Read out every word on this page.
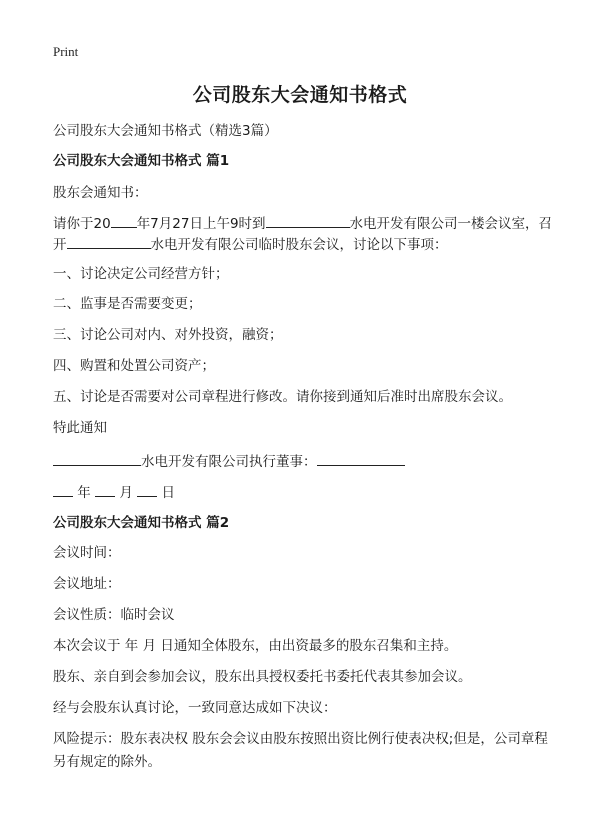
Print
公司股东大会通知书格式
公司股东大会通知书格式（精选3篇）
公司股东大会通知书格式 篇1
股东会通知书：
请你于20 年7月27日上午9时到	水电开发有限公司一楼会议室，召
开	水电开发有限公司临时股东会议，讨论以下事项：
一、讨论决定公司经营方针；
二、监事是否需要变更；
三、讨论公司对内、对外投资，融资；
四、购置和处置公司资产；
五、讨论是否需要对公司章程进行修改。请你接到通知后准时出席股东会议。
特此通知
水电开发有限公司执行董事：
年 月 日
公司股东大会通知书格式 篇2
会议时间：
会议地址：
会议性质：临时会议
本次会议于 年 月 日通知全体股东，由出资最多的股东召集和主持。
股东、亲自到会参加会议，股东出具授权委托书委托代表其参加会议。
经与会股东认真讨论，一致同意达成如下决议：
风险提示：股东表决权 股东会会议由股东按照出资比例行使表决权;但是，公司章程另有规定的除外。
